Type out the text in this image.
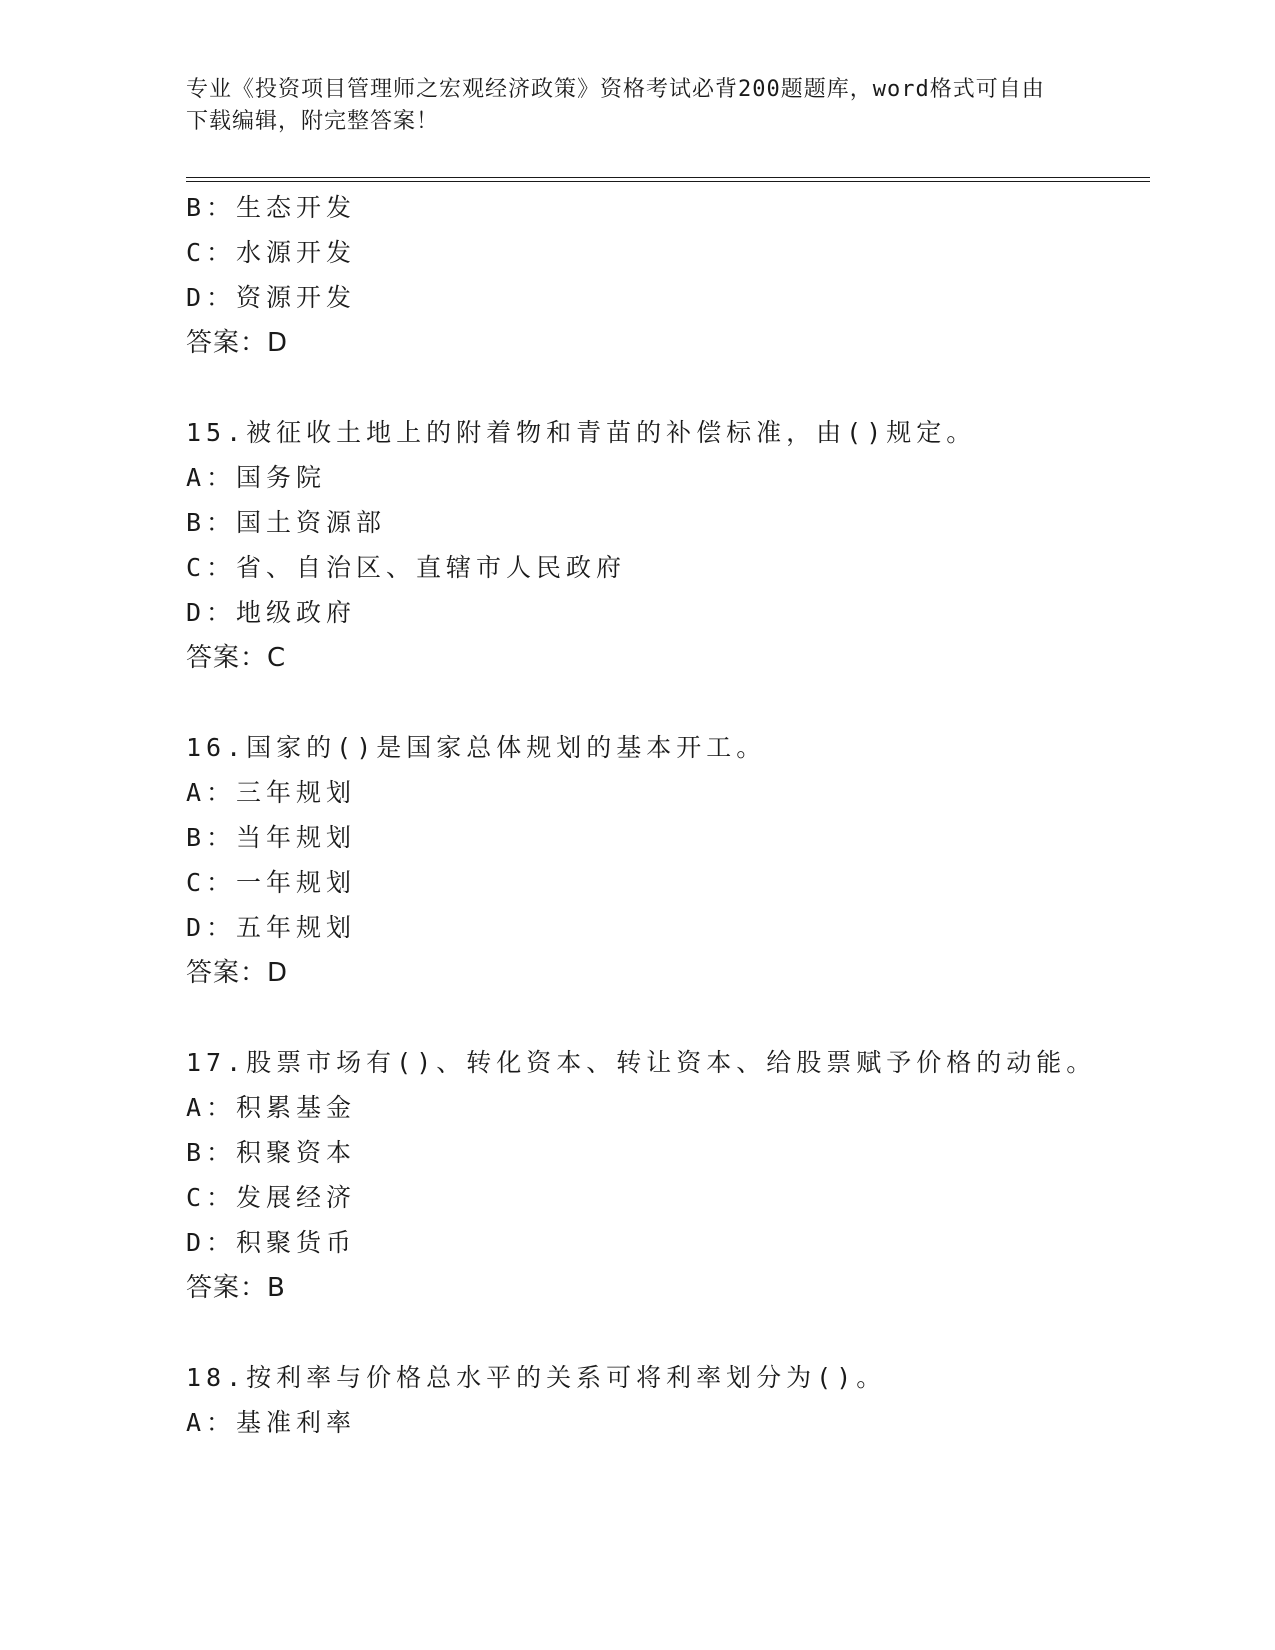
专业《投资项目管理师之宏观经济政策》资格考试必背200题题库，word格式可自由下载编辑，附完整答案！
B：生态开发
C：水源开发
D：资源开发
答案：D
15.被征收土地上的附着物和青苗的补偿标准，由()规定。
A：国务院
B：国土资源部
C：省、自治区、直辖市人民政府
D：地级政府
答案：C
16.国家的()是国家总体规划的基本开工。
A：三年规划
B：当年规划
C：一年规划
D：五年规划
答案：D
17.股票市场有()、转化资本、转让资本、给股票赋予价格的动能。
A：积累基金
B：积聚资本
C：发展经济
D：积聚货币
答案：B
18.按利率与价格总水平的关系可将利率划分为()。
A：基准利率
